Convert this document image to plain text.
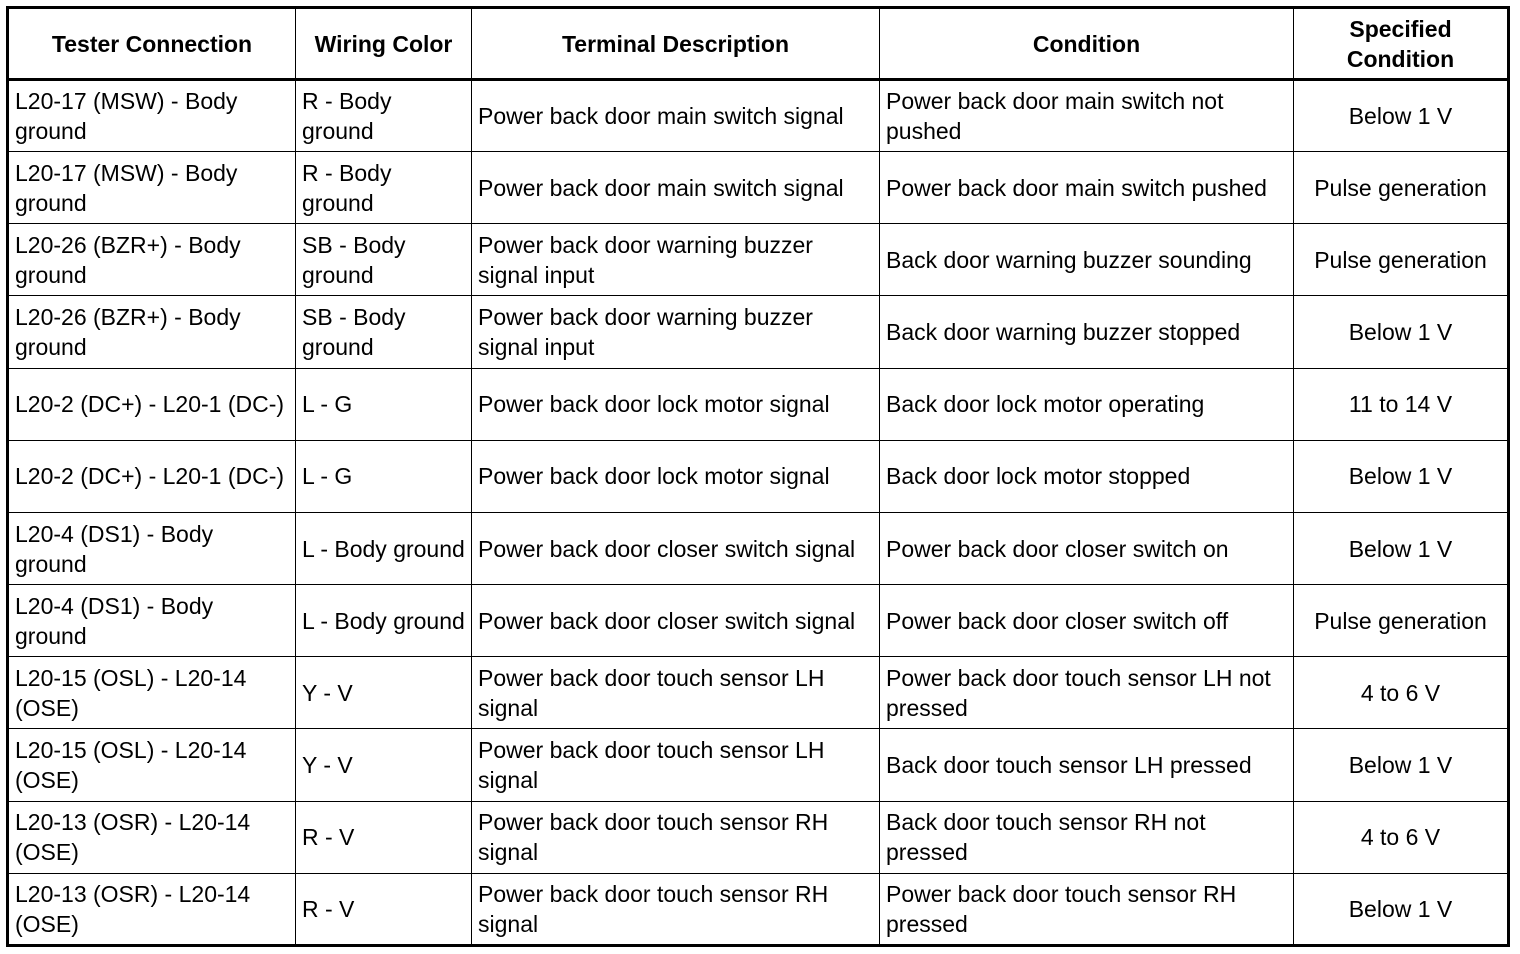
Tester Connection	Wiring Color	Terminal Description	Condition	Specified Condition
L20-17 (MSW) - Body ground	R - Body ground	Power back door main switch signal	Power back door main switch not pushed	Below 1 V
L20-17 (MSW) - Body ground	R - Body ground	Power back door main switch signal	Power back door main switch pushed	Pulse generation
L20-26 (BZR+) - Body ground	SB - Body ground	Power back door warning buzzer signal input	Back door warning buzzer sounding	Pulse generation
L20-26 (BZR+) - Body ground	SB - Body ground	Power back door warning buzzer signal input	Back door warning buzzer stopped	Below 1 V
L20-2 (DC+) - L20-1 (DC-)	L - G	Power back door lock motor signal	Back door lock motor operating	11 to 14 V
L20-2 (DC+) - L20-1 (DC-)	L - G	Power back door lock motor signal	Back door lock motor stopped	Below 1 V
L20-4 (DS1) - Body ground	L - Body ground	Power back door closer switch signal	Power back door closer switch on	Below 1 V
L20-4 (DS1) - Body ground	L - Body ground	Power back door closer switch signal	Power back door closer switch off	Pulse generation
L20-15 (OSL) - L20-14 (OSE)	Y - V	Power back door touch sensor LH signal	Power back door touch sensor LH not pressed	4 to 6 V
L20-15 (OSL) - L20-14 (OSE)	Y - V	Power back door touch sensor LH signal	Back door touch sensor LH pressed	Below 1 V
L20-13 (OSR) - L20-14 (OSE)	R - V	Power back door touch sensor RH signal	Back door touch sensor RH not pressed	4 to 6 V
L20-13 (OSR) - L20-14 (OSE)	R - V	Power back door touch sensor RH signal	Power back door touch sensor RH pressed	Below 1 V
